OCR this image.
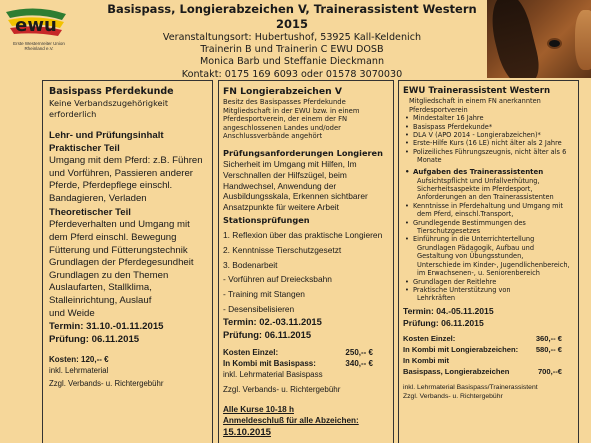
ewu
Erste Westernreiter Union
Rheinland e.V.
Basispass, Longierabzeichen V, Trainerassistent Western 2015
Veranstaltungsort: Hubertushof, 53925 Kall-Keldenich
Trainerin B und Trainerin C EWU DOSB
Monica Barb und Steffanie Dieckmann
Kontakt: 0175 169 6093 oder 01578 3070030
Basispass Pferdekunde
Keine Verbandszugehörigkeit erforderlich
Lehr- und Prüfungsinhalt
Praktischer Teil
Umgang mit dem Pferd: z.B. Führen
und Vorführen, Passieren anderer
Pferde, Pferdepflege einschl.
Bandagieren, Verladen
Theoretischer Teil
Pferdeverhalten und Umgang mit
dem Pferd einschl. Bewegung
Fütterung und Fütterungstechnik
Grundlagen der Pferdegesundheit
Grundlagen zu den Themen
Auslaufarten, Stallklima,
Stalleinrichtung, Auslauf
und Weide
Termin: 31.10.-01.11.2015
Prüfung: 06.11.2015
Kosten: 120,-- €
inkl. Lehrmaterial
Zzgl. Verbands- u. Richtergebühr
FN Longierabzeichen V
Besitz des Basispasses Pferdekunde
Mitgliedschaft in der EWU bzw. in einem
Pferdesportverein, der einem der FN
angeschlossenen Landes und/oder
Anschlussverbände angehört
Prüfungsanforderungen Longieren
Sicherheit im Umgang mit Hilfen, Im
Verschnallen der Hilfszügel, beim
Handwechsel, Anwendung der
Ausbildungsskala, Erkennen sichtbarer
Ansatzpunkte für weitere Arbeit
Stationsprüfungen
1. Reflexion über das praktische Longieren
2. Kenntnisse Tierschutzgesetzt
3. Bodenarbeit
- Vorführen auf Dreiecksbahn
- Training mit Stangen
- Desensibelisieren
Termin: 02.-03.11.2015
Prüfung: 06.11.2015
Kosten Einzel:	250,-- €
In Kombi mit Basispass:	340,-- €
inkl. Lehrmaterial Basispass
Zzgl. Verbands- u. Richtergebühr
Alle Kurse 10-18 h
Anmeldeschluß für alle Abzeichen:
15.10.2015
EWU Trainerassistent Western
Mitgliedschaft in einem FN anerkannten
Pferdesportverein
• Mindestalter 16 Jahre
• Basispass Pferdekunde*
• DLA V (APO 2014 - Longierabzeichen)*
• Erste-Hilfe Kurs (16 LE) nicht älter als 2 Jahre
• Polizeiliches Führungszeugnis, nicht älter als 6
Monate
• Aufgaben des Trainerassistenten
Aufsichtspflicht und Unfallverhütung,
Sicherheitsaspekte im Pferdesport,
Anforderungen an den Trainerassistenten
• Kenntnisse in Pferdehaltung und Umgang mit
dem Pferd, einschl.Transport,
• Grundlegende Bestimmungen des
Tierschutzgesetzes
• Einführung in die Unterrichtertellung
Grundlagen Pädagogik, Aufbau und
Gestaltung von Übungsstunden,
Unterschiede im Kinder-, Jugendlichenbereich,
im Erwachsenen-, u. Seniorenbereich
• Grundlagen der Reitlehre
• Praktische Unterstützung von
Lehrkräften
Termin: 04.-05.11.2015
Prüfung: 06.11.2015
Kosten Einzel:	360,-- €
In Kombi mit Longierabzeichen: 580,-- €
In Kombi mit
Basispass, Longierabzeichen	700,--€
inkl. Lehrmaterial Basispass/Trainerassistent
Zzgl. Verbands- u. Richtergebühr
